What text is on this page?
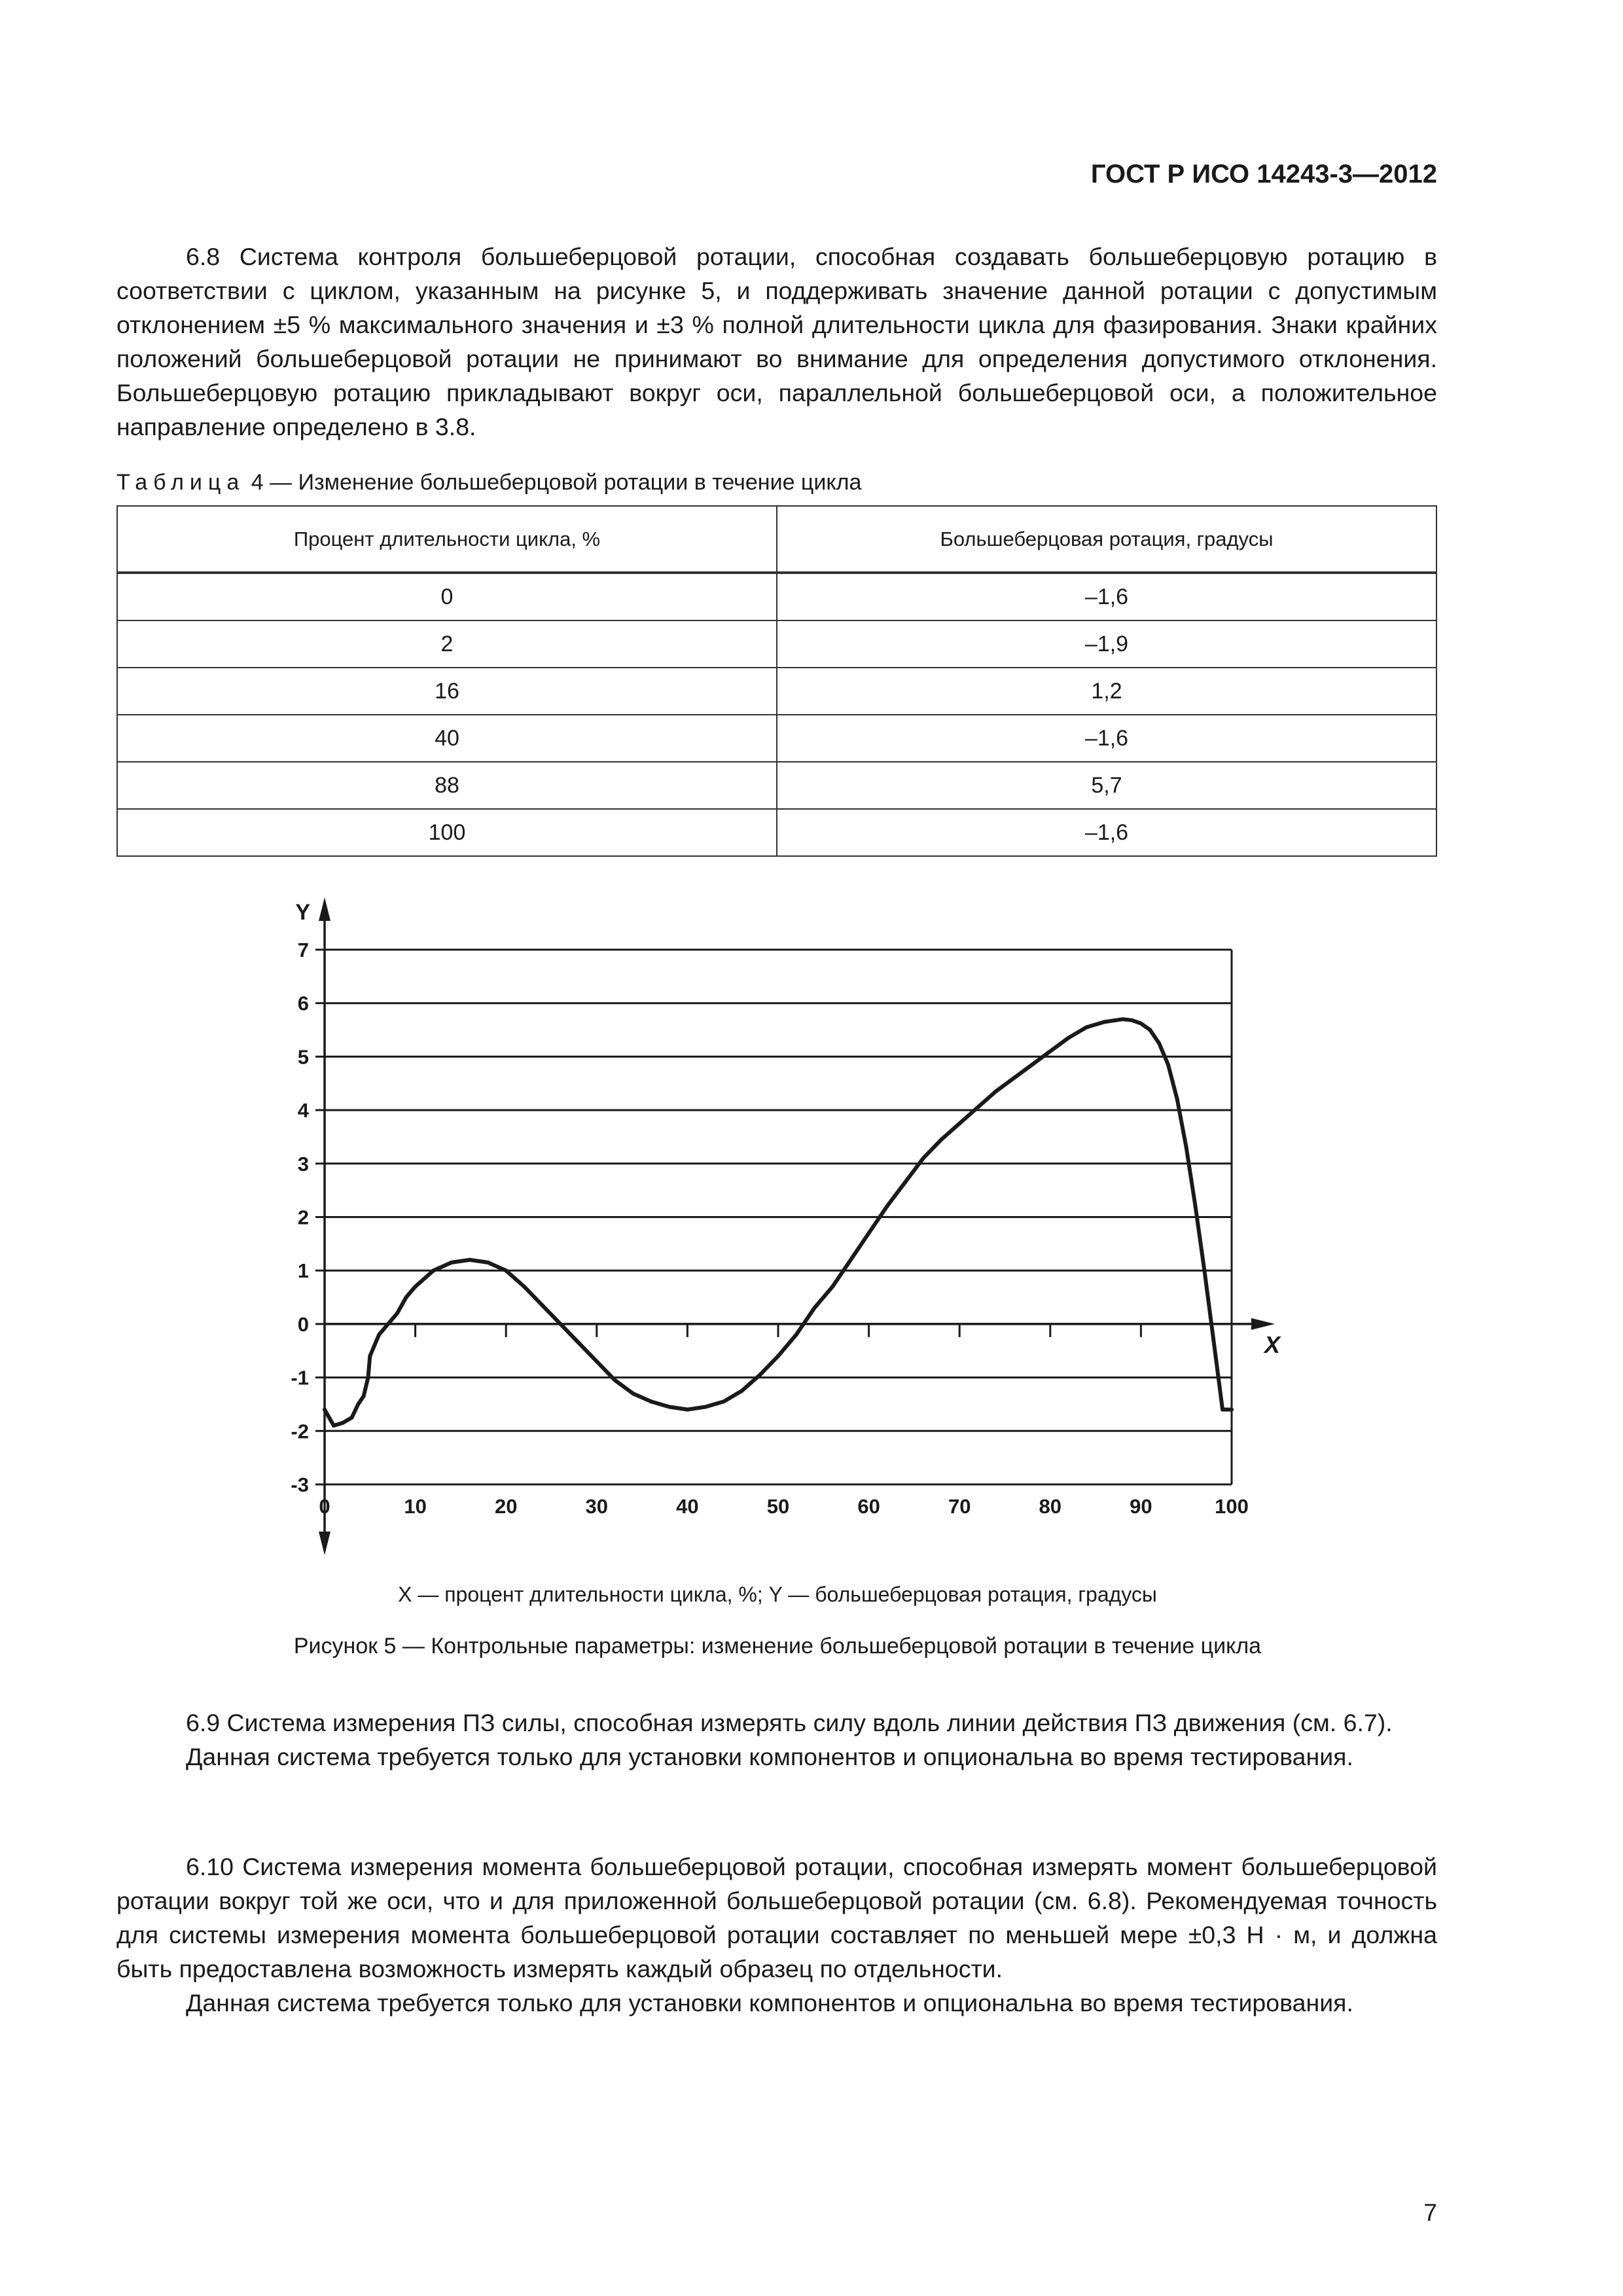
ГОСТ Р ИСО 14243-3—2012

6.8 Система контроля большеберцовой ротации, способная создавать большеберцовую ротацию в соответствии с циклом, указанным на рисунке 5, и поддерживать значение данной ротации с допустимым отклонением ±5 % максимального значения и ±3 % полной длительности цикла для фазирования. Знаки крайних положений большеберцовой ротации не принимают во внимание для определения допустимого отклонения. Большеберцовую ротацию прикладывают вокруг оси, параллельной большеберцовой оси, а положительное направление определено в 3.8.

Таблица 4 — Изменение большеберцовой ротации в течение цикла
Процент длительности цикла, %	Большеберцовая ротация, градусы
0	–1,6
2	–1,9
16	1,2
40	–1,6
88	5,7
100	–1,6
0	10	20	30	40	50	60	70	80	90	100
-3
-2
-1
0
1
2
3
4
5
6
7
Y
X
X — процент длительности цикла, %; Y — большеберцовая ротация, градусы
Рисунок 5 — Контрольные параметры: изменение большеберцовой ротации в течение цикла

6.9 Система измерения ПЗ силы, способная измерять силу вдоль линии действия ПЗ движения (см. 6.7).

Данная система требуется только для установки компонентов и опциональна во время тестирования.

6.10 Система измерения момента большеберцовой ротации, способная измерять момент большеберцовой ротации вокруг той же оси, что и для приложенной большеберцовой ротации (см. 6.8). Рекомендуемая точность для системы измерения момента большеберцовой ротации составляет по меньшей мере ±0,3 Н · м, и должна быть предоставлена возможность измерять каждый образец по отдельности.

Данная система требуется только для установки компонентов и опциональна во время тестирования.

7
